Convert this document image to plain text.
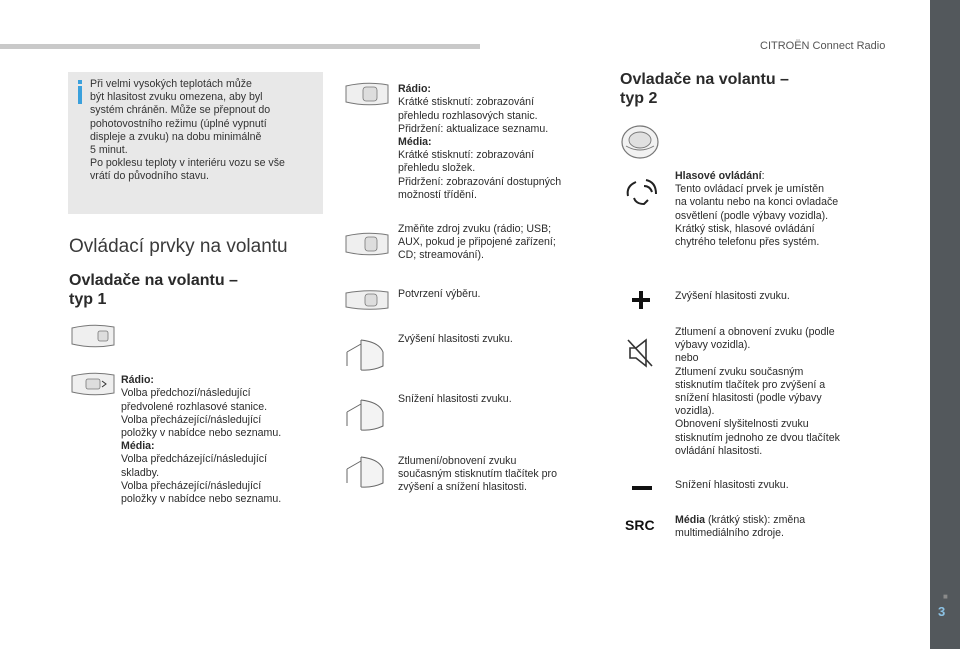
CITROËN Connect Radio
■
3
Při velmi vysokých teplotách může
být hlasitost zvuku omezena, aby byl
systém chráněn. Může se přepnout do
pohotovostního režimu (úplné vypnutí
displeje a zvuku) na dobu minimálně
5 minut.
Po poklesu teploty v interiéru vozu se vše
vrátí do původního stavu.
Ovládací prvky na volantu
Ovladače na volantu –
typ 1

Rádio:
Volba předchozí/následující
předvolené rozhlasové stanice.
Volba přecházející/následující
položky v nabídce nebo seznamu.

Média:
Volba předcházející/následující
skladby.
Volba přecházející/následující
položky v nabídce nebo seznamu.

Rádio:
Krátké stisknutí: zobrazování
přehledu rozhlasových stanic.
Přidržení: aktualizace seznamu.

Média:
Krátké stisknutí: zobrazování
přehledu složek.
Přidržení: zobrazování dostupných
možností třídění.

Změňte zdroj zvuku (rádio; USB;
AUX, pokud je připojené zařízení;
CD; streamování).
Potvrzení výběru.
Zvýšení hlasitosti zvuku.
Snížení hlasitosti zvuku.
Ztlumení/obnovení zvuku
současným stisknutím tlačítek pro
zvýšení a snížení hlasitosti.
Ovladače na volantu –
typ 2
Hlasové ovládání:
Tento ovládací prvek je umístěn
na volantu nebo na konci ovladače
osvětlení (podle výbavy vozidla).
Krátký stisk, hlasové ovládání
chytrého telefonu přes systém.
Zvýšení hlasitosti zvuku.
Ztlumení a obnovení zvuku (podle
výbavy vozidla).
nebo
Ztlumení zvuku současným
stisknutím tlačítek pro zvýšení a
snížení hlasitosti (podle výbavy
vozidla).
Obnovení slyšitelnosti zvuku
stisknutím jednoho ze dvou tlačítek
ovládání hlasitosti.
Snížení hlasitosti zvuku.
SRC Média (krátký stisk): změna
multimediálního zdroje.
